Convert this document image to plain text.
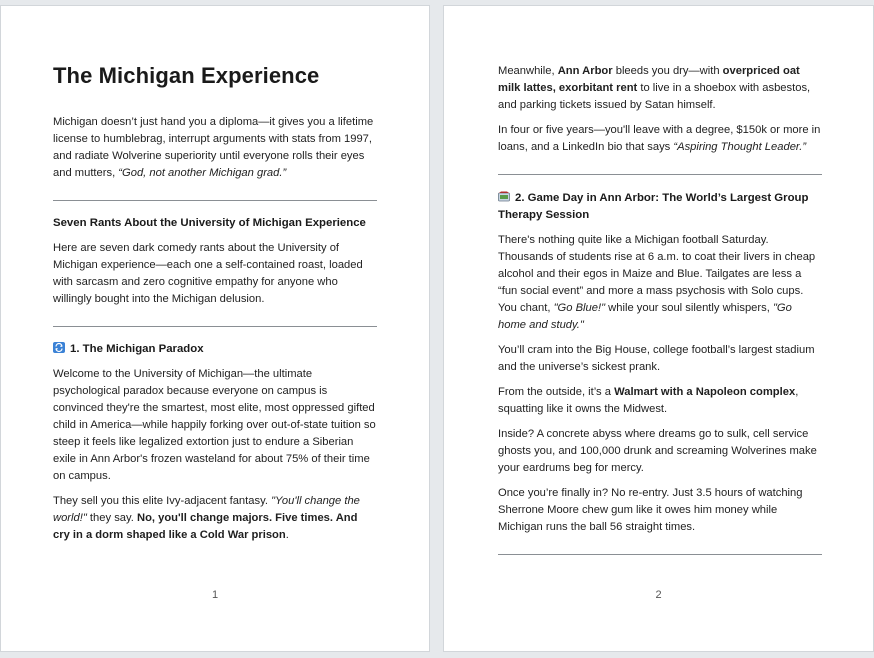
The Michigan Experience

Michigan doesn’t just hand you a diploma—it gives you a lifetime license to humblebrag, interrupt arguments with stats from 1997, and radiate Wolverine superiority until everyone rolls their eyes and mutters, “God, not another Michigan grad.”

Seven Rants About the University of Michigan Experience

Here are seven dark comedy rants about the University of Michigan experience—each one a self-contained roast, loaded with sarcasm and zero cognitive empathy for anyone who willingly bought into the Michigan delusion.

1. The Michigan Paradox

Welcome to the University of Michigan—the ultimate psychological paradox because everyone on campus is convinced they're the smartest, most elite, most oppressed gifted child in America—while happily forking over out-of-state tuition so steep it feels like legalized extortion just to endure a Siberian exile in Ann Arbor's frozen wasteland for about 75% of their time on campus.

They sell you this elite Ivy-adjacent fantasy. "You'll change the world!" they say. No, you'll change majors. Five times. And cry in a dorm shaped like a Cold War prison.

1

Meanwhile, Ann Arbor bleeds you dry—with overpriced oat milk lattes, exorbitant rent to live in a shoebox with asbestos, and parking tickets issued by Satan himself.

In four or five years—you'll leave with a degree, $150k or more in loans, and a LinkedIn bio that says “Aspiring Thought Leader.”

2. Game Day in Ann Arbor: The World’s Largest Group Therapy Session

There's nothing quite like a Michigan football Saturday. Thousands of students rise at 6 a.m. to coat their livers in cheap alcohol and their egos in Maize and Blue. Tailgates are less a “fun social event” and more a mass psychosis with Solo cups. You chant, "Go Blue!" while your soul silently whispers, "Go home and study."

You’ll cram into the Big House, college football’s largest stadium and the universe’s sickest prank.

From the outside, it’s a Walmart with a Napoleon complex, squatting like it owns the Midwest.

Inside? A concrete abyss where dreams go to sulk, cell service ghosts you, and 100,000 drunk and screaming Wolverines make your eardrums beg for mercy.

Once you’re finally in? No re-entry. Just 3.5 hours of watching Sherrone Moore chew gum like it owes him money while Michigan runs the ball 56 straight times.

2
